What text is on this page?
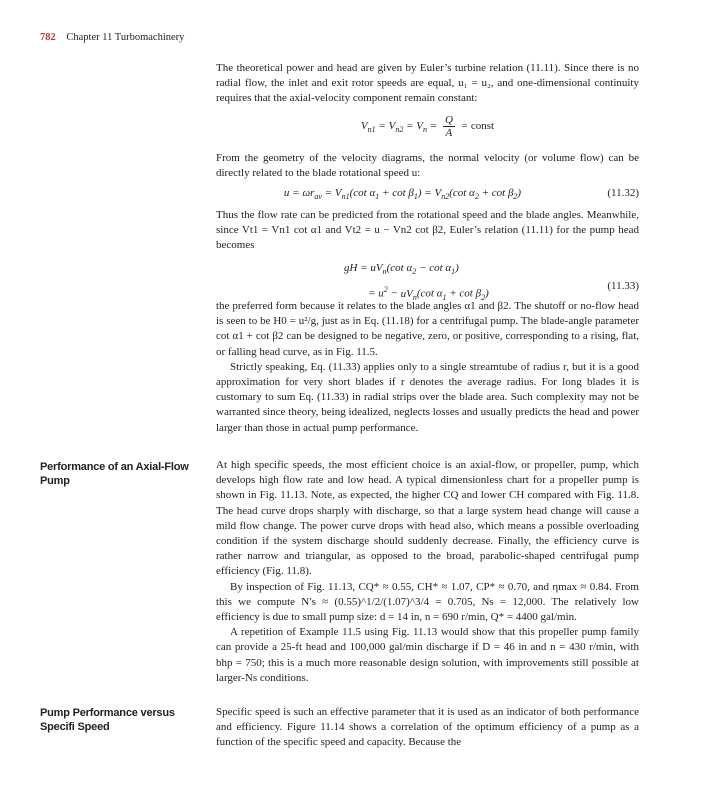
782 Chapter 11 Turbomachinery

The theoretical power and head are given by Euler’s turbine relation (11.11). Since there is no radial flow, the inlet and exit rotor speeds are equal, u₁ = u₂, and one-dimensional continuity requires that the axial-velocity component remain constant:

$V_{n1} = V_{n2} = V_n = \frac{Q}{A}$ = const

From the geometry of the velocity diagrams, the normal velocity (or volume flow) can be directly related to the blade rotational speed u:

$u = \omega r_{av} = V_{n1}(\cot$ $\alpha_1 + \cot \beta_1) = V_{n2}(\cot$ $\alpha_2 + \cot \beta_2$)	(11.32)

Thus the flow rate can be predicted from the rotational speed and the blade angles. Meanwhile, since Vt1 = Vn1 cot α1 and Vt2 = u − Vn2 cot β2, Euler’s relation (11.11) for the pump head becomes

gH = $uV_n(\cot$ $\alpha_2 - \cot \alpha_1$)
= $u^2 - uV_n(\cot$ $\alpha_1 + \cot \beta_2$)
(11.33)

the preferred form because it relates to the blade angles α1 and β2. The shutoff or no-flow head is seen to be H0 = u²/g, just as in Eq. (11.18) for a centrifugal pump. The blade-angle parameter cot α1 + cot β2 can be designed to be negative, zero, or positive, corresponding to a rising, flat, or falling head curve, as in Fig. 11.5.

Strictly speaking, Eq. (11.33) applies only to a single streamtube of radius r, but it is a good approximation for very short blades if r denotes the average radius. For long blades it is customary to sum Eq. (11.33) in radial strips over the blade area. Such complexity may not be warranted since theory, being idealized, neglects losses and usually predicts the head and power larger than those in actual pump performance.

Performance of an Axial-Flow Pump

At high specific speeds, the most efficient choice is an axial-flow, or propeller, pump, which develops high flow rate and low head. A typical dimensionless chart for a propeller pump is shown in Fig. 11.13. Note, as expected, the higher CQ and lower CH compared with Fig. 11.8. The head curve drops sharply with discharge, so that a large system head change will cause a mild flow change. The power curve drops with head also, which means a possible overloading condition if the system discharge should suddenly decrease. Finally, the efficiency curve is rather narrow and triangular, as opposed to the broad, parabolic-shaped centrifugal pump efficiency (Fig. 11.8).

By inspection of Fig. 11.13, CQ* ≈ 0.55, CH* ≈ 1.07, CP* ≈ 0.70, and ηmax ≈ 0.84. From this we compute N′s ≈ (0.55)^1/2/(1.07)^3/4 = 0.705, Ns = 12,000. The relatively low efficiency is due to small pump size: d = 14 in, n = 690 r/min, Q* = 4400 gal/min.

A repetition of Example 11.5 using Fig. 11.13 would show that this propeller pump family can provide a 25-ft head and 100,000 gal/min discharge if D = 46 in and n = 430 r/min, with bhp = 750; this is a much more reasonable design solution, with improvements still possible at larger-Ns conditions.

Pump Performance versus Specifi Speed

Specific speed is such an effective parameter that it is used as an indicator of both performance and efficiency. Figure 11.14 shows a correlation of the optimum efficiency of a pump as a function of the specific speed and capacity. Because the
